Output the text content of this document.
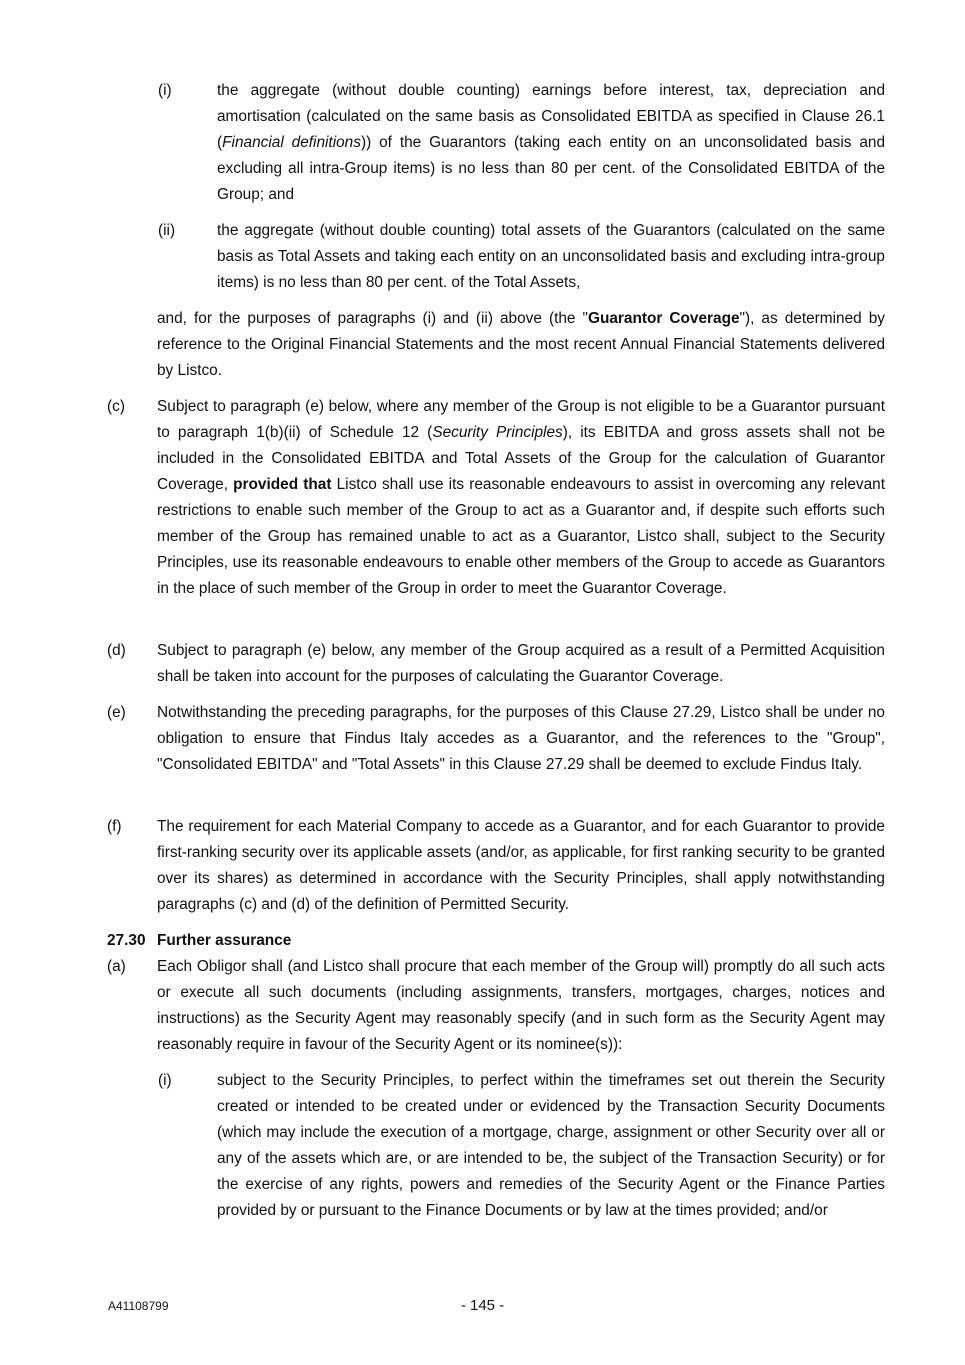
(i)	the aggregate (without double counting) earnings before interest, tax, depreciation and amortisation (calculated on the same basis as Consolidated EBITDA as specified in Clause 26.1 (Financial definitions)) of the Guarantors (taking each entity on an unconsolidated basis and excluding all intra-Group items) is no less than 80 per cent. of the Consolidated EBITDA of the Group; and
(ii)	the aggregate (without double counting) total assets of the Guarantors (calculated on the same basis as Total Assets and taking each entity on an unconsolidated basis and excluding intra-group items) is no less than 80 per cent. of the Total Assets,
and, for the purposes of paragraphs (i) and (ii) above (the "Guarantor Coverage"), as determined by reference to the Original Financial Statements and the most recent Annual Financial Statements delivered by Listco.
(c) Subject to paragraph (e) below, where any member of the Group is not eligible to be a Guarantor pursuant to paragraph 1(b)(ii) of Schedule 12 (Security Principles), its EBITDA and gross assets shall not be included in the Consolidated EBITDA and Total Assets of the Group for the calculation of Guarantor Coverage, provided that Listco shall use its reasonable endeavours to assist in overcoming any relevant restrictions to enable such member of the Group to act as a Guarantor and, if despite such efforts such member of the Group has remained unable to act as a Guarantor, Listco shall, subject to the Security Principles, use its reasonable endeavours to enable other members of the Group to accede as Guarantors in the place of such member of the Group in order to meet the Guarantor Coverage.
(d) Subject to paragraph (e) below, any member of the Group acquired as a result of a Permitted Acquisition shall be taken into account for the purposes of calculating the Guarantor Coverage.
(e) Notwithstanding the preceding paragraphs, for the purposes of this Clause 27.29, Listco shall be under no obligation to ensure that Findus Italy accedes as a Guarantor, and the references to the "Group", "Consolidated EBITDA" and "Total Assets" in this Clause 27.29 shall be deemed to exclude Findus Italy.
(f) The requirement for each Material Company to accede as a Guarantor, and for each Guarantor to provide first-ranking security over its applicable assets (and/or, as applicable, for first ranking security to be granted over its shares) as determined in accordance with the Security Principles, shall apply notwithstanding paragraphs (c) and (d) of the definition of Permitted Security.
27.30 Further assurance
(a) Each Obligor shall (and Listco shall procure that each member of the Group will) promptly do all such acts or execute all such documents (including assignments, transfers, mortgages, charges, notices and instructions) as the Security Agent may reasonably specify (and in such form as the Security Agent may reasonably require in favour of the Security Agent or its nominee(s)):
(i)	subject to the Security Principles, to perfect within the timeframes set out therein the Security created or intended to be created under or evidenced by the Transaction Security Documents (which may include the execution of a mortgage, charge, assignment or other Security over all or any of the assets which are, or are intended to be, the subject of the Transaction Security) or for the exercise of any rights, powers and remedies of the Security Agent or the Finance Parties provided by or pursuant to the Finance Documents or by law at the times provided; and/or
A41108799	- 145 -
